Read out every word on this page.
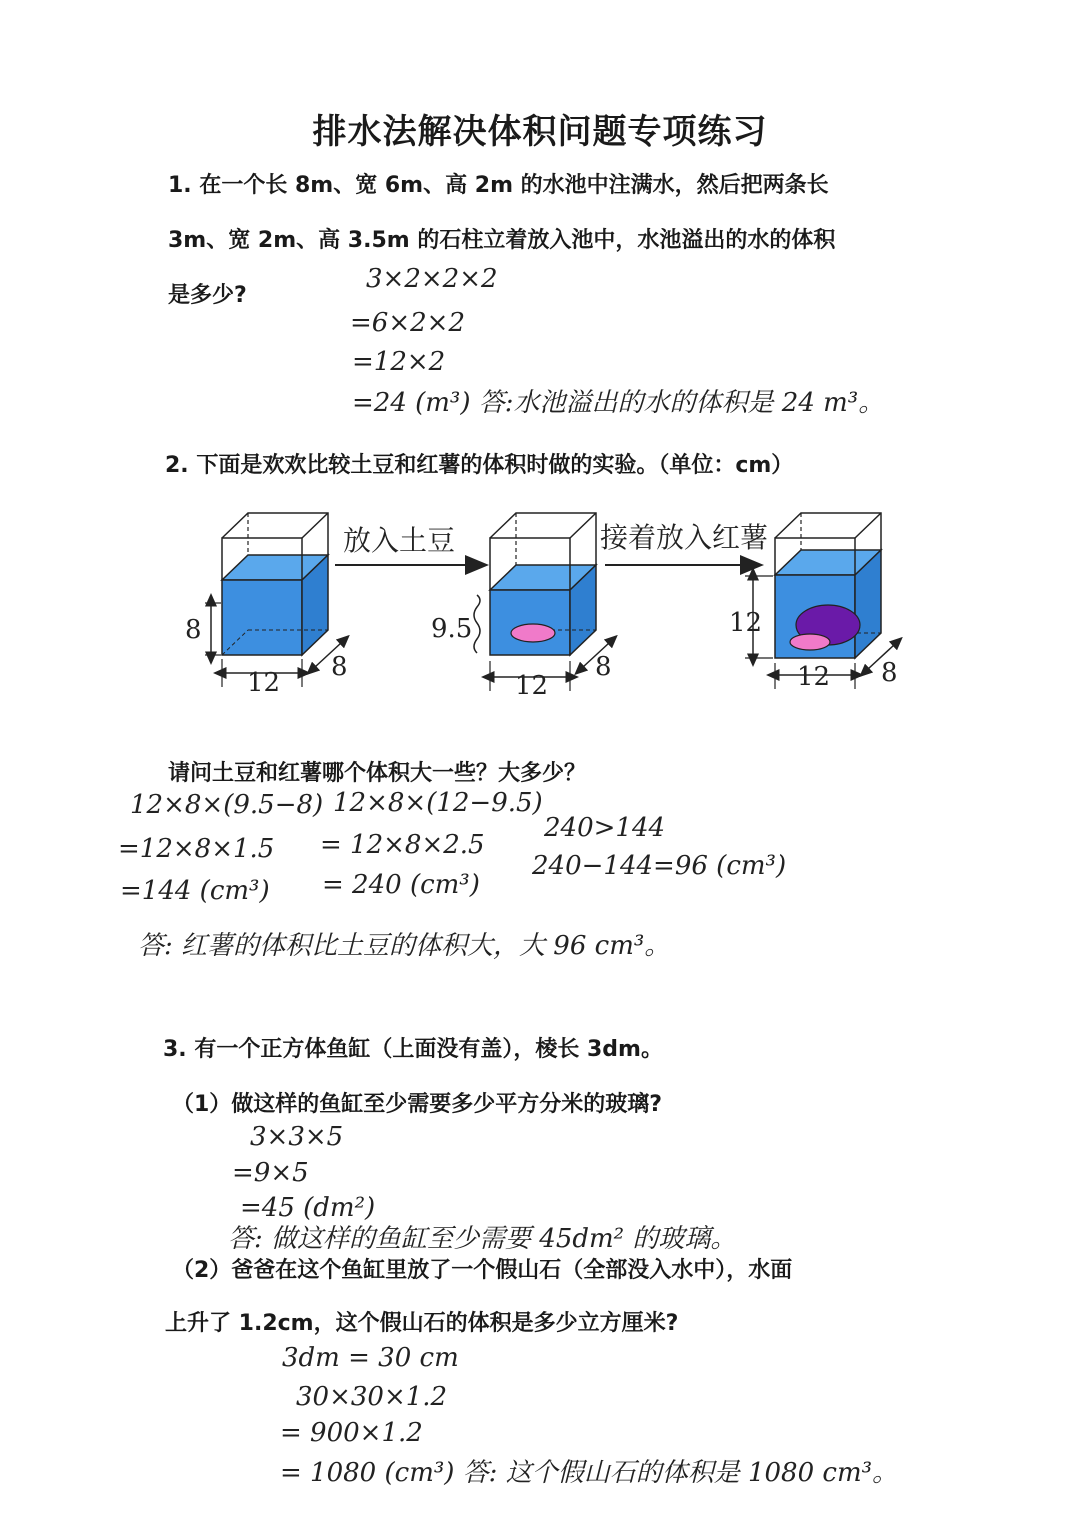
排水法解决体积问题专项练习
1. 在一个长 8m、宽 6m、高 2m 的水池中注满水，然后把两条长
3m、宽 2m、高 3.5m 的石柱立着放入池中，水池溢出的水的体积
是多少?
3×2×2×2
=6×2×2
=12×2
=24 (m³) 答:水池溢出的水的体积是 24 m³。
2. 下面是欢欢比较土豆和红薯的体积时做的实验。（单位：cm）
8
12
8
放入土豆
9.5
12
8
接着放入红薯
12
12 8
请问土豆和红薯哪个体积大一些？大多少？
12×8×(9.5−8)
=12×8×1.5
=144 (cm³)
12×8×(12−9.5)
= 12×8×2.5
= 240 (cm³)
240>144
240−144=96 (cm³)
答: 红薯的体积比土豆的体积大，大 96 cm³。
3. 有一个正方体鱼缸（上面没有盖），棱长 3dm。
（1）做这样的鱼缸至少需要多少平方分米的玻璃?
3×3×5
=9×5
=45 (dm²)
答: 做这样的鱼缸至少需要 45dm² 的玻璃。
（2）爸爸在这个鱼缸里放了一个假山石（全部没入水中），水面
上升了 1.2cm，这个假山石的体积是多少立方厘米?
3dm = 30 cm
30×30×1.2
= 900×1.2
= 1080 (cm³) 答: 这个假山石的体积是 1080 cm³。
